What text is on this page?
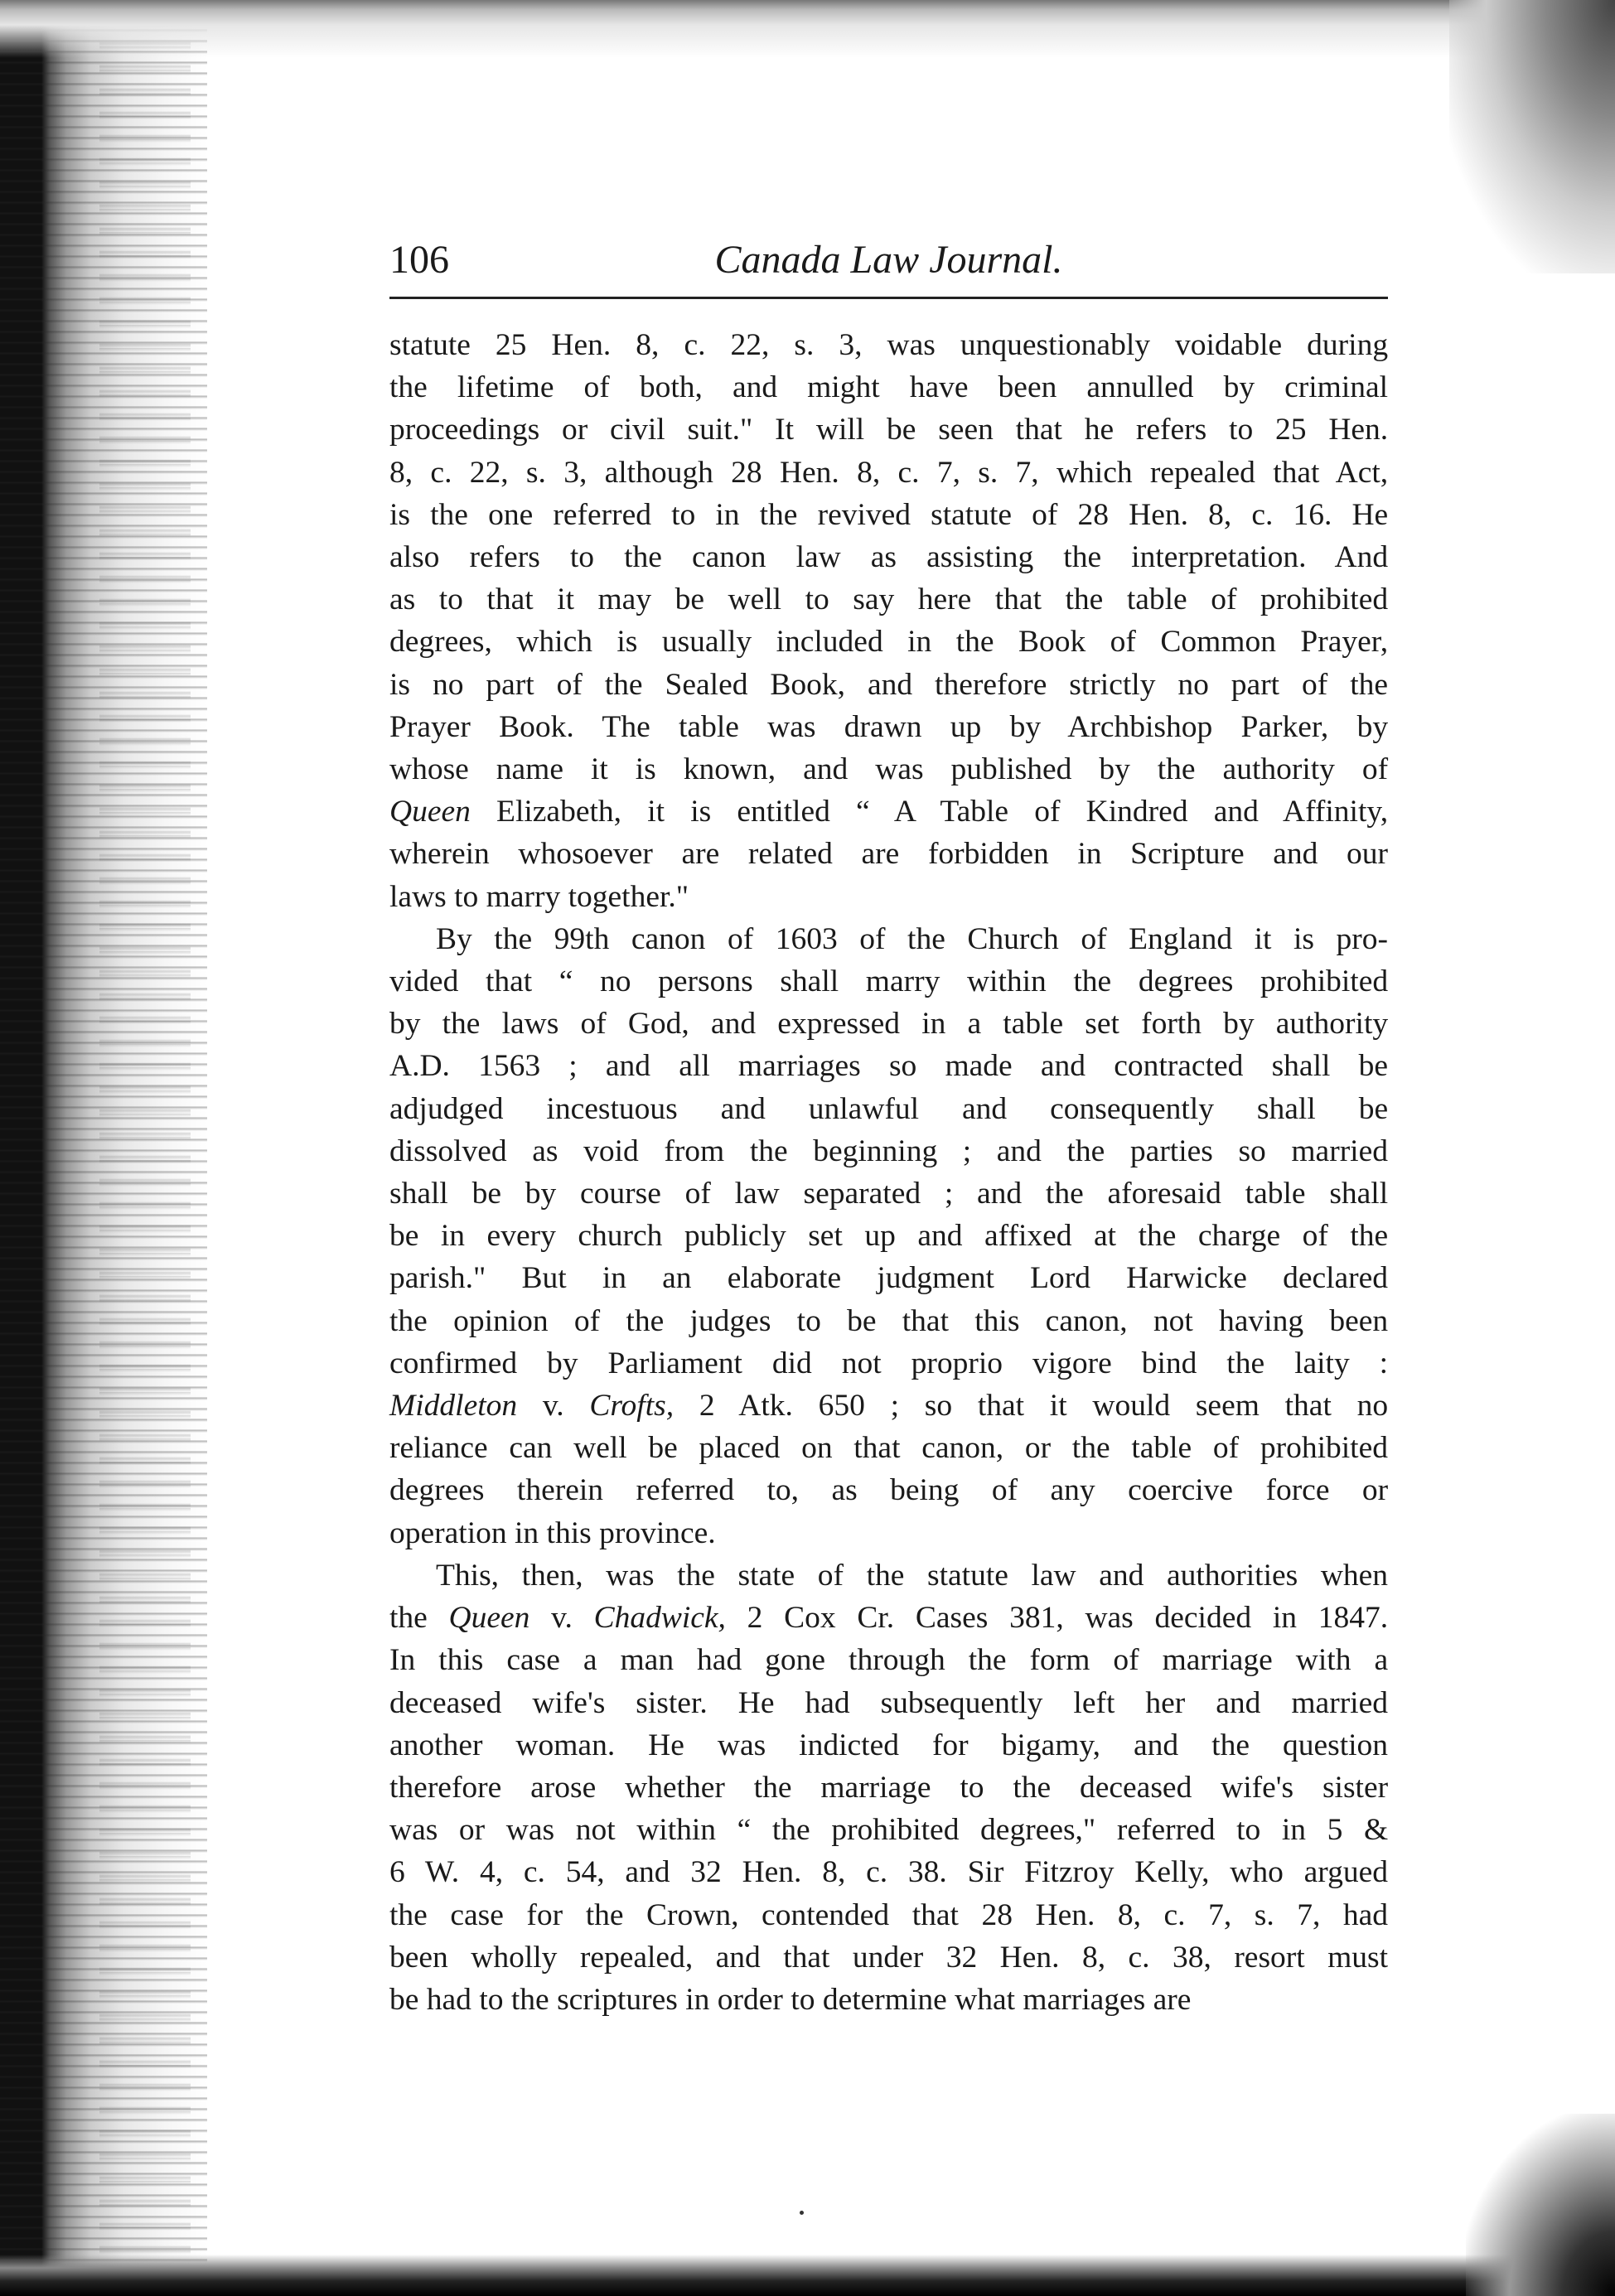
106	Canada Law Journal.
statute 25 Hen. 8, c. 22, s. 3, was unquestionably voidable during
the lifetime of both, and might have been annulled by criminal
proceedings or civil suit." It will be seen that he refers to 25 Hen.
8, c. 22, s. 3, although 28 Hen. 8, c. 7, s. 7, which repealed that Act,
is the one referred to in the revived statute of 28 Hen. 8, c. 16. He
also refers to the canon law as assisting the interpretation. And
as to that it may be well to say here that the table of prohibited
degrees, which is usually included in the Book of Common Prayer,
is no part of the Sealed Book, and therefore strictly no part of the
Prayer Book. The table was drawn up by Archbishop Parker, by
whose name it is known, and was published by the authority of
Queen Elizabeth, it is entitled “ A Table of Kindred and Affinity,
wherein whosoever are related are forbidden in Scripture and our
laws to marry together."
By the 99th canon of 1603 of the Church of England it is pro-
vided that “ no persons shall marry within the degrees prohibited
by the laws of God, and expressed in a table set forth by authority
A.D. 1563 ; and all marriages so made and contracted shall be
adjudged incestuous and unlawful and consequently shall be
dissolved as void from the beginning ; and the parties so married
shall be by course of law separated ; and the aforesaid table shall
be in every church publicly set up and affixed at the charge of the
parish." But in an elaborate judgment Lord Harwicke declared
the opinion of the judges to be that this canon, not having been
confirmed by Parliament did not proprio vigore bind the laity :
Middleton v. Crofts, 2 Atk. 650 ; so that it would seem that no
reliance can well be placed on that canon, or the table of prohibited
degrees therein referred to, as being of any coercive force or
operation in this province.
This, then, was the state of the statute law and authorities when
the Queen v. Chadwick, 2 Cox Cr. Cases 381, was decided in 1847.
In this case a man had gone through the form of marriage with a
deceased wife's sister. He had subsequently left her and married
another woman. He was indicted for bigamy, and the question
therefore arose whether the marriage to the deceased wife's sister
was or was not within “ the prohibited degrees," referred to in 5 &
6 W. 4, c. 54, and 32 Hen. 8, c. 38. Sir Fitzroy Kelly, who argued
the case for the Crown, contended that 28 Hen. 8, c. 7, s. 7, had
been wholly repealed, and that under 32 Hen. 8, c. 38, resort must
be had to the scriptures in order to determine what marriages are
